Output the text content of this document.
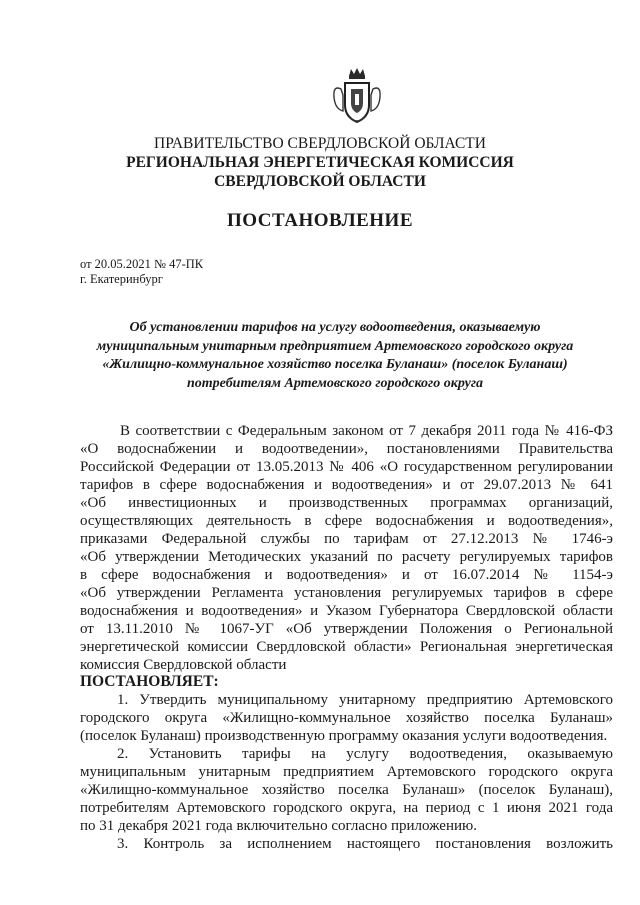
ПРАВИТЕЛЬСТВО СВЕРДЛОВСКОЙ ОБЛАСТИ
РЕГИОНАЛЬНАЯ ЭНЕРГЕТИЧЕСКАЯ КОМИССИЯ
СВЕРДЛОВСКОЙ ОБЛАСТИ
ПОСТАНОВЛЕНИЕ
от 20.05.2021 № 47-ПК
г. Екатеринбург
Об установлении тарифов на услугу водоотведения, оказываемую
муниципальным унитарным предприятием Артемовского городского округа
«Жилищно-коммунальное хозяйство поселка Буланаш» (поселок Буланаш)
потребителям Артемовского городского округа
В соответствии с Федеральным законом от 7 декабря 2011 года № 416-ФЗ
«О водоснабжении и водоотведении», постановлениями Правительства
Российской Федерации от 13.05.2013 № 406 «О государственном регулировании
тарифов в сфере водоснабжения и водоотведения» и от 29.07.2013 № 641
«Об инвестиционных и производственных программах организаций,
осуществляющих деятельность в сфере водоснабжения и водоотведения»,
приказами Федеральной службы по тарифам от 27.12.2013 № 1746-э
«Об утверждении Методических указаний по расчету регулируемых тарифов
в сфере водоснабжения и водоотведения» и от 16.07.2014 № 1154-э
«Об утверждении Регламента установления регулируемых тарифов в сфере
водоснабжения и водоотведения» и Указом Губернатора Свердловской области
от 13.11.2010 № 1067-УГ «Об утверждении Положения о Региональной
энергетической комиссии Свердловской области» Региональная энергетическая
комиссия Свердловской области
ПОСТАНОВЛЯЕТ:
1. Утвердить муниципальному унитарному предприятию Артемовского
городского округа «Жилищно-коммунальное хозяйство поселка Буланаш»
(поселок Буланаш) производственную программу оказания услуги водоотведения.
2. Установить тарифы на услугу водоотведения, оказываемую
муниципальным унитарным предприятием Артемовского городского округа
«Жилищно-коммунальное хозяйство поселка Буланаш» (поселок Буланаш),
потребителям Артемовского городского округа, на период с 1 июня 2021 года
по 31 декабря 2021 года включительно согласно приложению.
3. Контроль за исполнением настоящего постановления возложить
